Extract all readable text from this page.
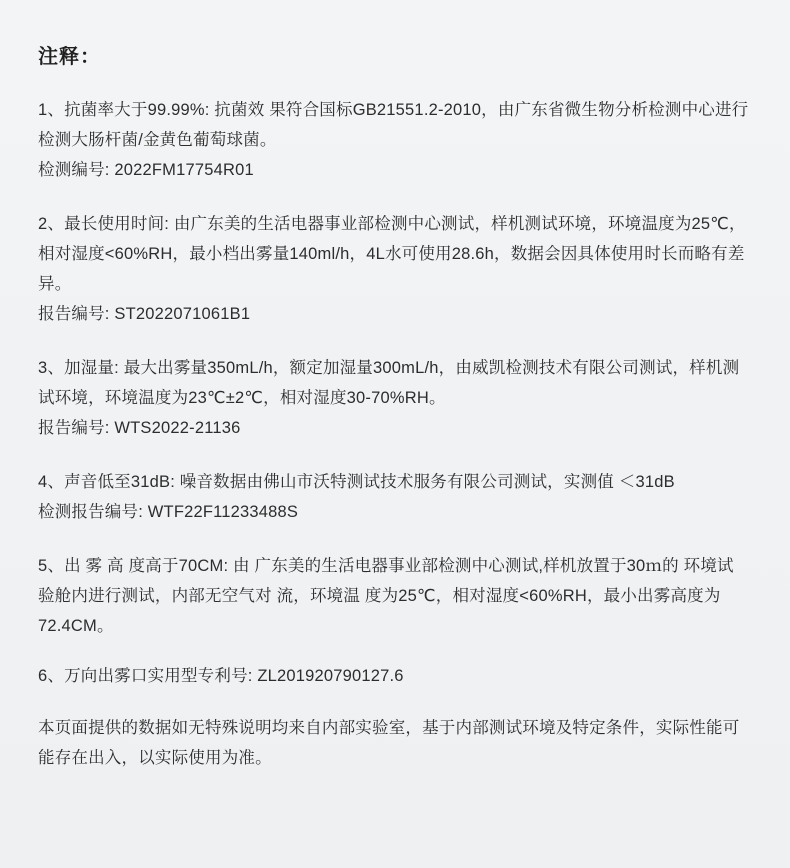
注释：

1、抗菌率大于99.99%: 抗菌效 果符合国标GB21551.2-2010，由广东省微生物分析检测中心进行检测大肠杆菌/金黄色葡萄球菌。

检测编号: 2022FM17754R01

2、最长使用时间: 由广东美的生活电器事业部检测中心测试，样机测试环境，环境温度为25℃，相对湿度<60%RH，最小档出雾量140ml/h，4L水可使用28.6h，数据会因具体使用时长而略有差异。

报告编号: ST2022071061B1

3、加湿量: 最大出雾量350mL/h，额定加湿量300mL/h，由威凯检测技术有限公司测试，样机测试环境，环境温度为23℃±2℃，相对湿度30-70%RH。

报告编号: WTS2022-21136

4、声音低至31dB: 噪音数据由佛山市沃特测试技术服务有限公司测试，实测值 ＜31dB

检测报告编号: WTF22F11233488S

5、出 雾 高 度高于70CM: 由 广东美的生活电器事业部检测中心测试,样机放置于30ｍ的 环境试 验舱内进行测试，内部无空气对 流，环境温 度为25℃，相对湿度<60%RH，最小出雾高度为72.4CM。

6、万向出雾口实用型专利号: ZL201920790127.6

本页面提供的数据如无特殊说明均来自内部实验室，基于内部测试环境及特定条件，实际性能可能存在出入，以实际使用为准。
